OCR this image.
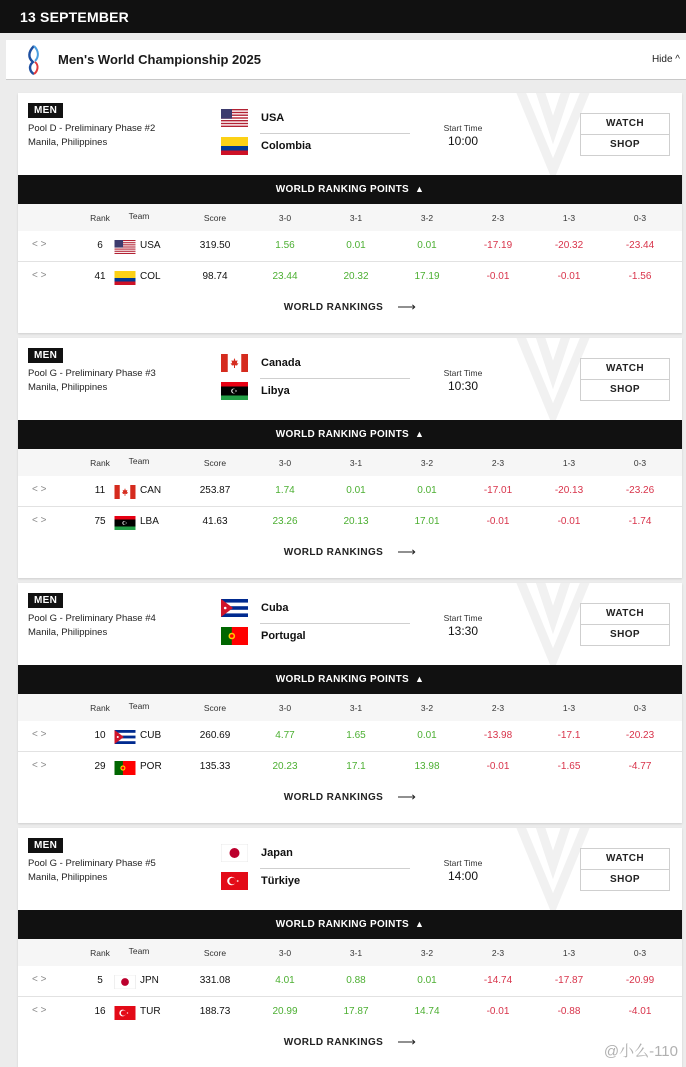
13 SEPTEMBER
Men's World Championship 2025	Hide ^
MEN
Pool D - Preliminary Phase #2
Manila, Philippines
USA
Colombia
Start Time
10:00
WATCH
SHOP
WORLD RANKING POINTS ▲
Rank	Team	Score	3-0	3-1	3-2	2-3	1-3	0-3
< >	6	USA	319.50	1.56	0.01	0.01	-17.19	-20.32	-23.44
< >	41	COL	98.74	23.44	20.32	17.19	-0.01	-0.01	-1.56
WORLD RANKINGS ⟶
MEN
Pool G - Preliminary Phase #3
Manila, Philippines
Canada
Libya
Start Time
10:30
WATCH
SHOP
WORLD RANKING POINTS ▲
Rank	Team	Score	3-0	3-1	3-2	2-3	1-3	0-3
< >	11	CAN	253.87	1.74	0.01	0.01	-17.01	-20.13	-23.26
< >	75	LBA	41.63	23.26	20.13	17.01	-0.01	-0.01	-1.74
WORLD RANKINGS ⟶
MEN
Pool G - Preliminary Phase #4
Manila, Philippines
Cuba
Portugal
Start Time
13:30
WATCH
SHOP
WORLD RANKING POINTS ▲
Rank	Team	Score	3-0	3-1	3-2	2-3	1-3	0-3
< >	10	CUB	260.69	4.77	1.65	0.01	-13.98	-17.1	-20.23
< >	29	POR	135.33	20.23	17.1	13.98	-0.01	-1.65	-4.77
WORLD RANKINGS ⟶
MEN
Pool G - Preliminary Phase #5
Manila, Philippines
Japan
Türkiye
Start Time
14:00
WATCH
SHOP
WORLD RANKING POINTS ▲
Rank	Team	Score	3-0	3-1	3-2	2-3	1-3	0-3
< >	5	JPN	331.08	4.01	0.88	0.01	-14.74	-17.87	-20.99
< >	16	TUR	188.73	20.99	17.87	14.74	-0.01	-0.88	-4.01
WORLD RANKINGS ⟶
@小么-110
